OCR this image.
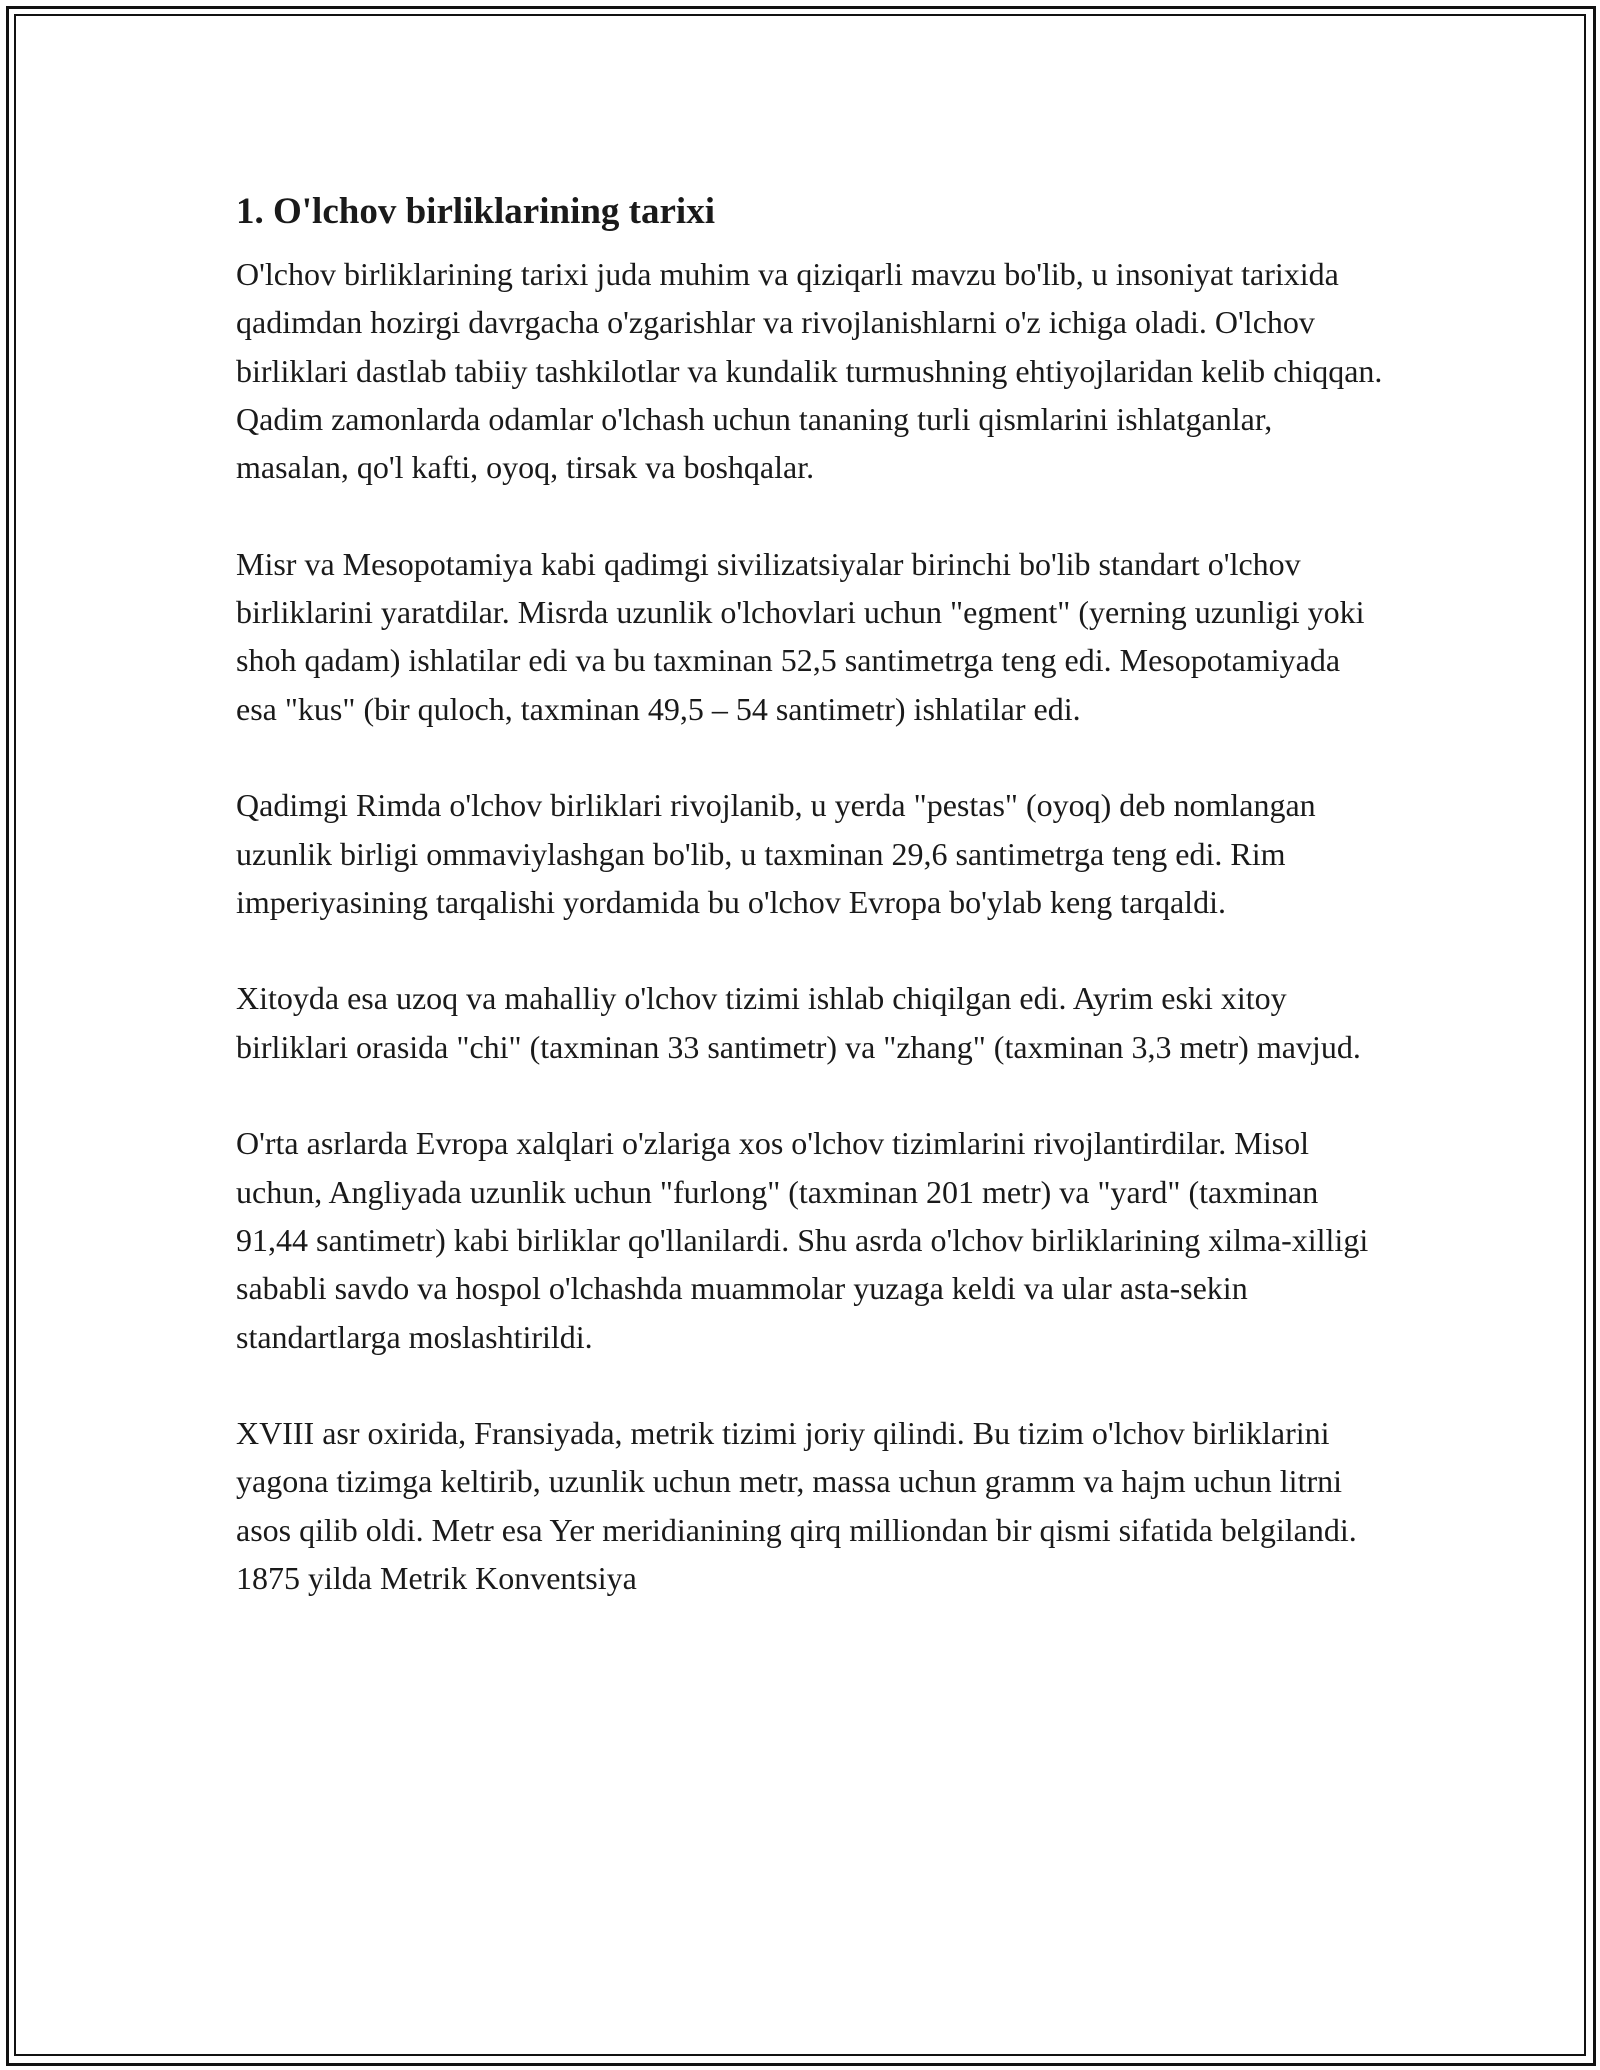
1. O'lchov birliklarining tarixi

O'lchov birliklarining tarixi juda muhim va qiziqarli mavzu bo'lib, u insoniyat tarixida qadimdan hozirgi davrgacha o'zgarishlar va rivojlanishlarni o'z ichiga oladi. O'lchov birliklari dastlab tabiiy tashkilotlar va kundalik turmushning ehtiyojlaridan kelib chiqqan. Qadim zamonlarda odamlar o'lchash uchun tananing turli qismlarini ishlatganlar, masalan, qo'l kafti, oyoq, tirsak va boshqalar.

Misr va Mesopotamiya kabi qadimgi sivilizatsiyalar birinchi bo'lib standart o'lchov birliklarini yaratdilar. Misrda uzunlik o'lchovlari uchun "egment" (yerning uzunligi yoki shoh qadam) ishlatilar edi va bu taxminan 52,5 santimetrga teng edi. Mesopotamiyada esa "kus" (bir quloch, taxminan 49,5 – 54 santimetr) ishlatilar edi.

Qadimgi Rimda o'lchov birliklari rivojlanib, u yerda "pestas" (oyoq) deb nomlangan uzunlik birligi ommaviylashgan bo'lib, u taxminan 29,6 santimetrga teng edi. Rim imperiyasining tarqalishi yordamida bu o'lchov Evropa bo'ylab keng tarqaldi.

Xitoyda esa uzoq va mahalliy o'lchov tizimi ishlab chiqilgan edi. Ayrim eski xitoy birliklari orasida "chi" (taxminan 33 santimetr) va "zhang" (taxminan 3,3 metr) mavjud.

O'rta asrlarda Evropa xalqlari o'zlariga xos o'lchov tizimlarini rivojlantirdilar. Misol uchun, Angliyada uzunlik uchun "furlong" (taxminan 201 metr) va "yard" (taxminan 91,44 santimetr) kabi birliklar qo'llanilardi. Shu asrda o'lchov birliklarining xilma-xilligi sababli savdo va hospol o'lchashda muammolar yuzaga keldi va ular asta-sekin standartlarga moslashtirildi.

XVIII asr oxirida, Fransiyada, metrik tizimi joriy qilindi. Bu tizim o'lchov birliklarini yagona tizimga keltirib, uzunlik uchun metr, massa uchun gramm va hajm uchun litrni asos qilib oldi. Metr esa Yer meridianining qirq milliondan bir qismi sifatida belgilandi. 1875 yilda Metrik Konventsiya
